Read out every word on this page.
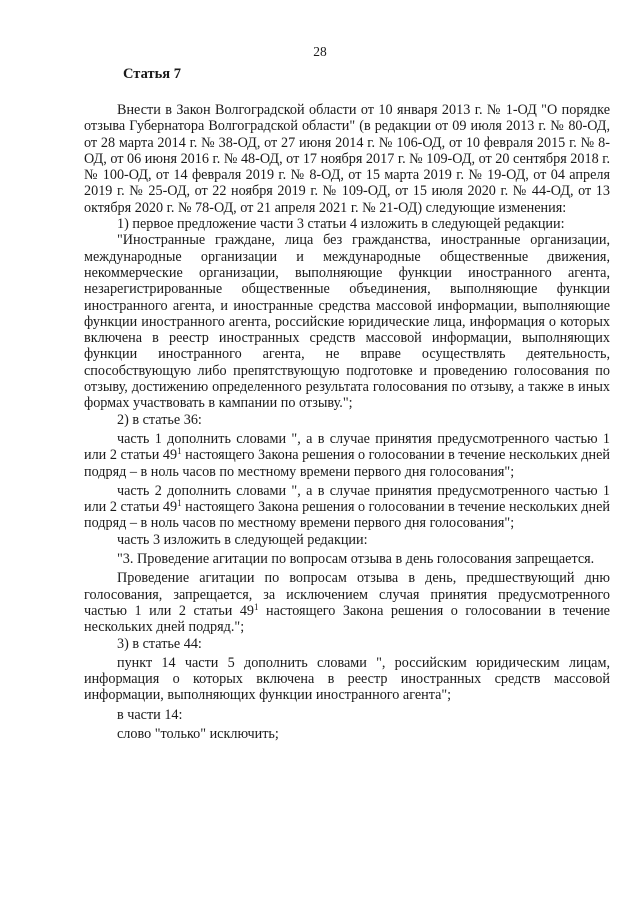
28
Статья 7

Внести в Закон Волгоградской области от 10 января 2013 г. № 1-ОД "О порядке отзыва Губернатора Волгоградской области" (в редакции от 09 июля 2013 г. № 80-ОД, от 28 марта 2014 г. № 38-ОД, от 27 июня 2014 г. № 106-ОД, от 10 февраля 2015 г. № 8-ОД, от 06 июня 2016 г. № 48-ОД, от 17 ноября 2017 г. № 109-ОД, от 20 сентября 2018 г. № 100-ОД, от 14 февраля 2019 г. № 8-ОД, от 15 марта 2019 г. № 19-ОД, от 04 апреля 2019 г. № 25-ОД, от 22 ноября 2019 г. № 109-ОД, от 15 июля 2020 г. № 44-ОД, от 13 октября 2020 г. № 78-ОД, от 21 апреля 2021 г. № 21-ОД) следующие изменения:

1) первое предложение части 3 статьи 4 изложить в следующей редакции:

"Иностранные граждане, лица без гражданства, иностранные организации, международные организации и международные общественные движения, некоммерческие организации, выполняющие функции иностранного агента, незарегистрированные общественные объединения, выполняющие функции иностранного агента, и иностранные средства массовой информации, выполняющие функции иностранного агента, российские юридические лица, информация о которых включена в реестр иностранных средств массовой информации, выполняющих функции иностранного агента, не вправе осуществлять деятельность, способствующую либо препятствующую подготовке и проведению голосования по отзыву, достижению определенного результата голосования по отзыву, а также в иных формах участвовать в кампании по отзыву.";

2) в статье 36:

часть 1 дополнить словами ", а в случае принятия предусмотренного частью 1 или 2 статьи $49^1$ настоящего Закона решения о голосовании в течение нескольких дней подряд – в ноль часов по местному времени первого дня голосования";

часть 2 дополнить словами ", а в случае принятия предусмотренного частью 1 или 2 статьи $49^1$ настоящего Закона решения о голосовании в течение нескольких дней подряд – в ноль часов по местному времени первого дня голосования";

часть 3 изложить в следующей редакции:

"3. Проведение агитации по вопросам отзыва в день голосования запрещается.

Проведение агитации по вопросам отзыва в день, предшествующий дню голосования, запрещается, за исключением случая принятия предусмотренного частью 1 или 2 статьи $49^1$ настоящего Закона решения о голосовании в течение нескольких дней подряд.";

3) в статье 44:

пункт 14 части 5 дополнить словами ", российским юридическим лицам, информация о которых включена в реестр иностранных средств массовой информации, выполняющих функции иностранного агента";

в части 14:

слово "только" исключить;
